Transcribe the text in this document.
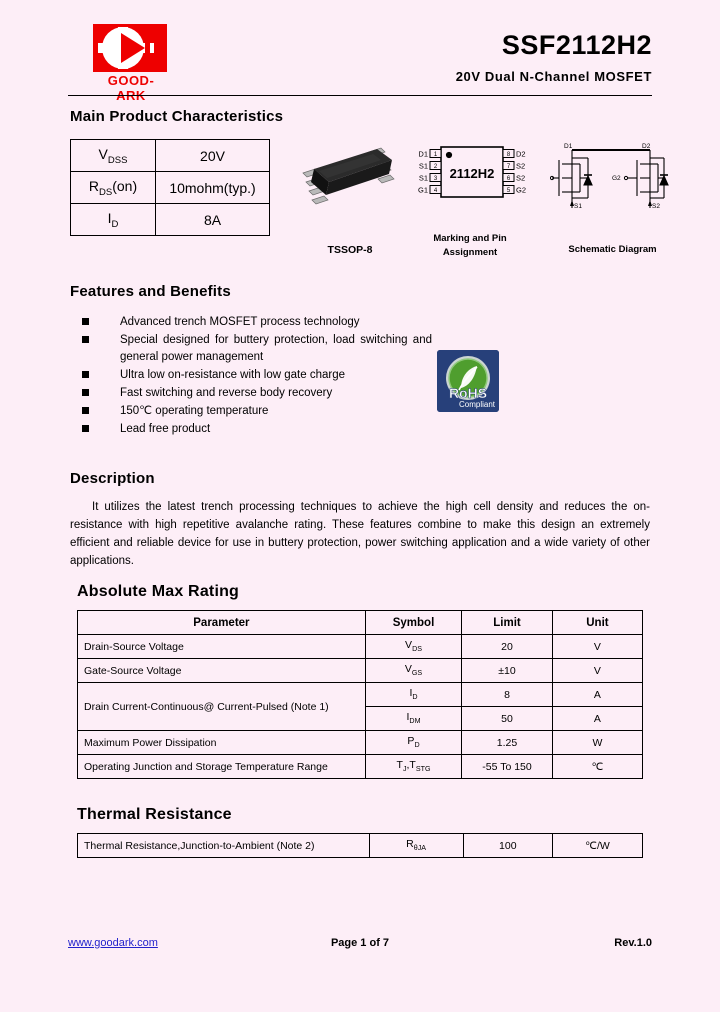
GOOD-ARK
SSF2112H2
20V Dual N-Channel MOSFET
Main Product Characteristics
$V_{DSS}$	20V
$R_{DS}(on)$	10mohm(typ.)
$I_D$	8A
TSSOP-8
2112H2
1
2
3
4
D1
S1
S1
G1
8
7
6
5
D2
S2
S2
G2
Marking and Pin
Assignment
D1	D2
G2
S1	S2
Schematic Diagram
Features and Benefits
Advanced trench MOSFET process technology
Special designed for buttery protection, load switching and general power management
Ultra low on-resistance with low gate charge
Fast switching and reverse body recovery
150℃ operating temperature
Lead free product
RoHS
Compliant
Description
It utilizes the latest trench processing techniques to achieve the high cell density and reduces the on-resistance with high repetitive avalanche rating. These features combine to make this design an extremely efficient and reliable device for use in buttery protection, power switching application and a wide variety of other applications.
Absolute Max Rating
Parameter	Symbol	Limit	Unit
Drain-Source Voltage	$V_{DS}$	20	V
Gate-Source Voltage	$V_{GS}$	±10	V
Drain Current-Continuous@ Current-Pulsed (Note 1)	$I_D$	8	A
	$I_{DM}$	50	A
Maximum Power Dissipation	$P_D$	1.25	W
Operating Junction and Storage Temperature Range	$T_J,T_{STG}$	-55 To 150	℃
Thermal Resistance
Thermal Resistance,Junction-to-Ambient (Note 2)	$R_{\theta JA}$	100	℃/W
www.goodark.com	Page 1 of 7	Rev.1.0
